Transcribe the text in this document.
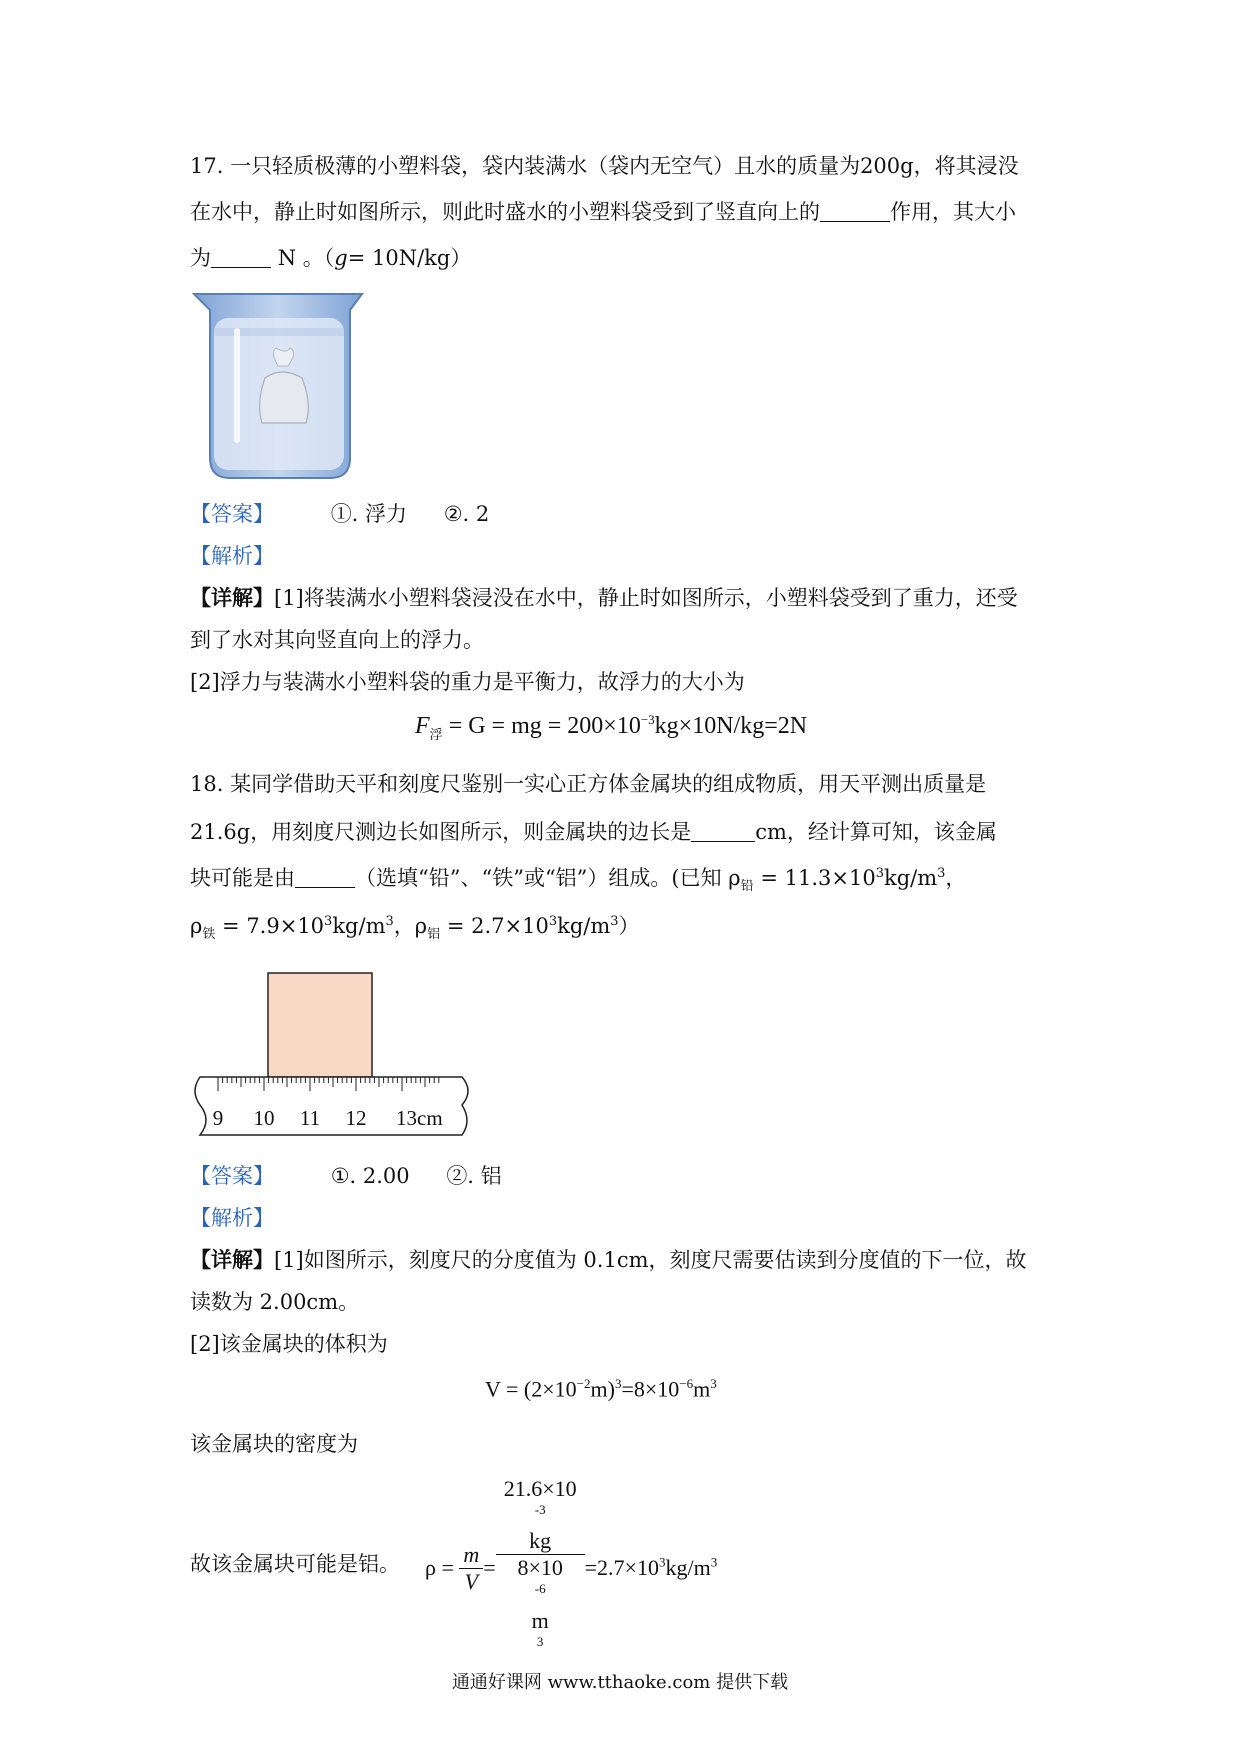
17. 一只轻质极薄的小塑料袋，袋内装满水（袋内无空气）且水的质量为200g，将其浸没
在水中，静止时如图所示，则此时盛水的小塑料袋受到了竖直向上的	作用，其大小
为	N 。（g= 10N/kg）
【答案】	①. 浮力 ②. 2
【解析】
【详解】[1]将装满水小塑料袋浸没在水中，静止时如图所示，小塑料袋受到了重力，还受
到了水对其向竖直向上的浮力。
[2]浮力与装满水小塑料袋的重力是平衡力，故浮力的大小为
$F_浮 = G$ = mg = $200\times 10^{-3}kg\times 10N/kg=2N$
18. 某同学借助天平和刻度尺鉴别一实心正方体金属块的组成物质，用天平测出质量是
21.6g，用刻度尺测边长如图所示，则金属块的边长是	cm，经计算可知，该金属
块可能是由	（选填“铅”、“铁”或“铝”）组成。(已知 $\rho_铅 = 11.3\times 10^3kg/m^3$，
$\rho_铁 = 7.9\times 10^3kg/m^3$，$\rho_铝 = 2.7\times 10^3kg/m^3$）
9 10 11 12 13cm
【答案】	①. 2.00 ②. 铝
【解析】
【详解】[1]如图所示，刻度尺的分度值为 0.1cm，刻度尺需要估读到分度值的下一位，故
读数为 2.00cm。
[2]该金属块的体积为
$V = (2\times 10^{-2}m)^3=8\times 10^{-6}m^3$
该金属块的密度为
$\rho = \frac{m}{V} = 21.6\times 10$
$^{-3}$
kg
8×10
$^{-6}$
m
$^3 =2.7\times 10^3kg/m^3$
故该金属块可能是铝。
通通好课网 www.tthaoke.com 提供下载
